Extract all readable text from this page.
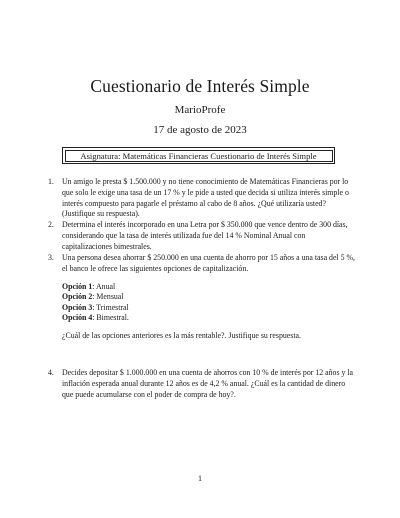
Cuestionario de Interés Simple
MarioProfe
17 de agosto de 2023
Asignatura: Matemáticas Financieras Cuestionario de Interés Simple
1. Un amigo le presta $ 1.500.000 y no tiene conocimiento de Matemáticas Financieras por lo que solo le exige una tasa de un 17 % y le pide a usted que decida si utiliza interés simple o interés compuesto para pagarle el préstamo al cabo de 8 años. ¿Qué utilizaría usted? (Justifique su respuesta).

2. Determina el interés incorporado en una Letra por $ 350.000 que vence dentro de 300 días, considerando que la tasa de interés utilizada fue del 14 % Nominal Anual con capitalizaciones bimestrales.

3. Una persona desea ahorrar $ 250.000 en una cuenta de ahorro por 15 años a una tasa del 5 %, el banco le ofrece las siguientes opciones de capitalización.

Opción 1: Anual
Opción 2: Mensual
Opción 3: Trimestral
Opción 4: Bimestral.

¿Cuál de las opciones anteriores es la más rentable?. Justifique su respuesta.

4. Decides depositar $ 1.000.000 en una cuenta de ahorros con 10 % de interés por 12 años y la inflación esperada anual durante 12 años es de 4,2 % anual. ¿Cuál es la cantidad de dinero que puede acumularse con el poder de compra de hoy?.

1
